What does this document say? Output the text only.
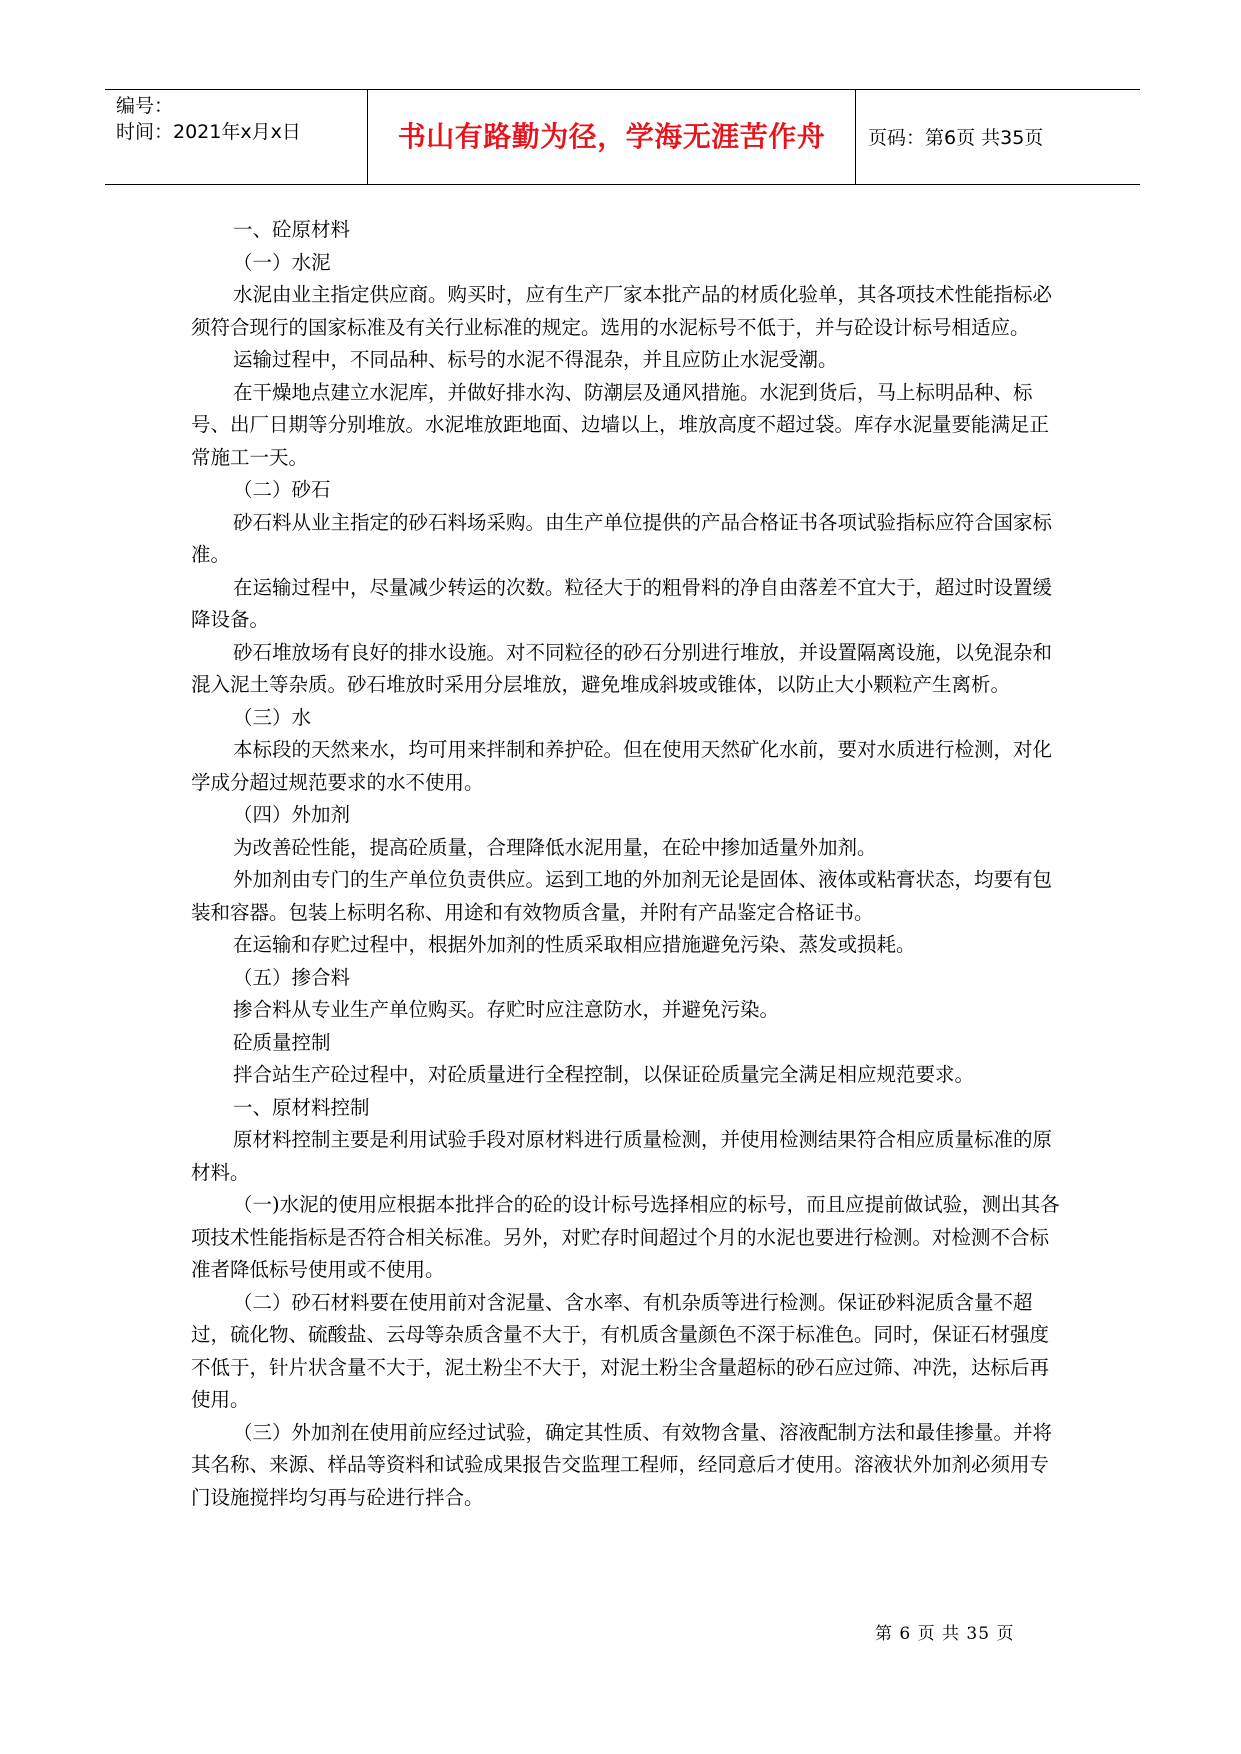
编号：
时间：2021年x月x日	书山有路勤为径，学海无涯苦作舟	页码：第6页 共35页

一、砼原材料

（一）水泥

水泥由业主指定供应商。购买时，应有生产厂家本批产品的材质化验单，其各项技术性能指标必须符合现行的国家标准及有关行业标准的规定。选用的水泥标号不低于，并与砼设计标号相适应。

运输过程中，不同品种、标号的水泥不得混杂，并且应防止水泥受潮。

在干燥地点建立水泥库，并做好排水沟、防潮层及通风措施。水泥到货后，马上标明品种、标号、出厂日期等分别堆放。水泥堆放距地面、边墙以上，堆放高度不超过袋。库存水泥量要能满足正常施工一天。

（二）砂石

砂石料从业主指定的砂石料场采购。由生产单位提供的产品合格证书各项试验指标应符合国家标准。

在运输过程中，尽量减少转运的次数。粒径大于的粗骨料的净自由落差不宜大于，超过时设置缓降设备。

砂石堆放场有良好的排水设施。对不同粒径的砂石分别进行堆放，并设置隔离设施，以免混杂和混入泥土等杂质。砂石堆放时采用分层堆放，避免堆成斜坡或锥体，以防止大小颗粒产生离析。

（三）水

本标段的天然来水，均可用来拌制和养护砼。但在使用天然矿化水前，要对水质进行检测，对化学成分超过规范要求的水不使用。

（四）外加剂

为改善砼性能，提高砼质量，合理降低水泥用量，在砼中掺加适量外加剂。

外加剂由专门的生产单位负责供应。运到工地的外加剂无论是固体、液体或粘膏状态，均要有包装和容器。包装上标明名称、用途和有效物质含量，并附有产品鉴定合格证书。

在运输和存贮过程中，根据外加剂的性质采取相应措施避免污染、蒸发或损耗。

（五）掺合料

掺合料从专业生产单位购买。存贮时应注意防水，并避免污染。

砼质量控制

拌合站生产砼过程中，对砼质量进行全程控制，以保证砼质量完全满足相应规范要求。

一、原材料控制

原材料控制主要是利用试验手段对原材料进行质量检测，并使用检测结果符合相应质量标准的原材料。

（一)水泥的使用应根据本批拌合的砼的设计标号选择相应的标号，而且应提前做试验，测出其各项技术性能指标是否符合相关标准。另外，对贮存时间超过个月的水泥也要进行检测。对检测不合标准者降低标号使用或不使用。

（二）砂石材料要在使用前对含泥量、含水率、有机杂质等进行检测。保证砂料泥质含量不超过，硫化物、硫酸盐、云母等杂质含量不大于，有机质含量颜色不深于标准色。同时，保证石材强度不低于，针片状含量不大于，泥土粉尘不大于，对泥土粉尘含量超标的砂石应过筛、冲洗，达标后再使用。

（三）外加剂在使用前应经过试验，确定其性质、有效物含量、溶液配制方法和最佳掺量。并将其名称、来源、样品等资料和试验成果报告交监理工程师，经同意后才使用。溶液状外加剂必须用专门设施搅拌均匀再与砼进行拌合。

第 6 页 共 35 页
